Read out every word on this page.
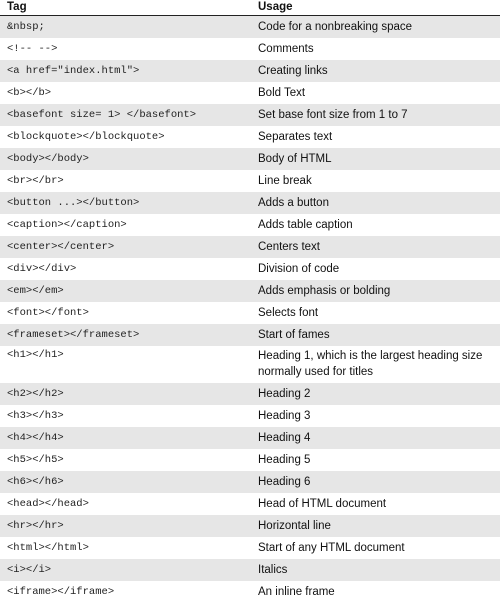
Tag	Usage
&nbsp;	Code for a nonbreaking space
<!-- -->	Comments
<a href="index.html">	Creating links
<b></b>	Bold Text
<basefont size= 1> </basefont>	Set base font size from 1 to 7
<blockquote></blockquote>	Separates text
<body></body>	Body of HTML
<br></br>	Line break
<button ...></button>	Adds a button
<caption></caption>	Adds table caption
<center></center>	Centers text
<div></div>	Division of code
<em></em>	Adds emphasis or bolding
<font></font>	Selects font
<frameset></frameset>	Start of fames
<h1></h1>	Heading 1, which is the largest heading size normally used for titles
<h2></h2>	Heading 2
<h3></h3>	Heading 3
<h4></h4>	Heading 4
<h5></h5>	Heading 5
<h6></h6>	Heading 6
<head></head>	Head of HTML document
<hr></hr>	Horizontal line
<html></html>	Start of any HTML document
<i></i>	Italics
<iframe></iframe>	An inline frame
